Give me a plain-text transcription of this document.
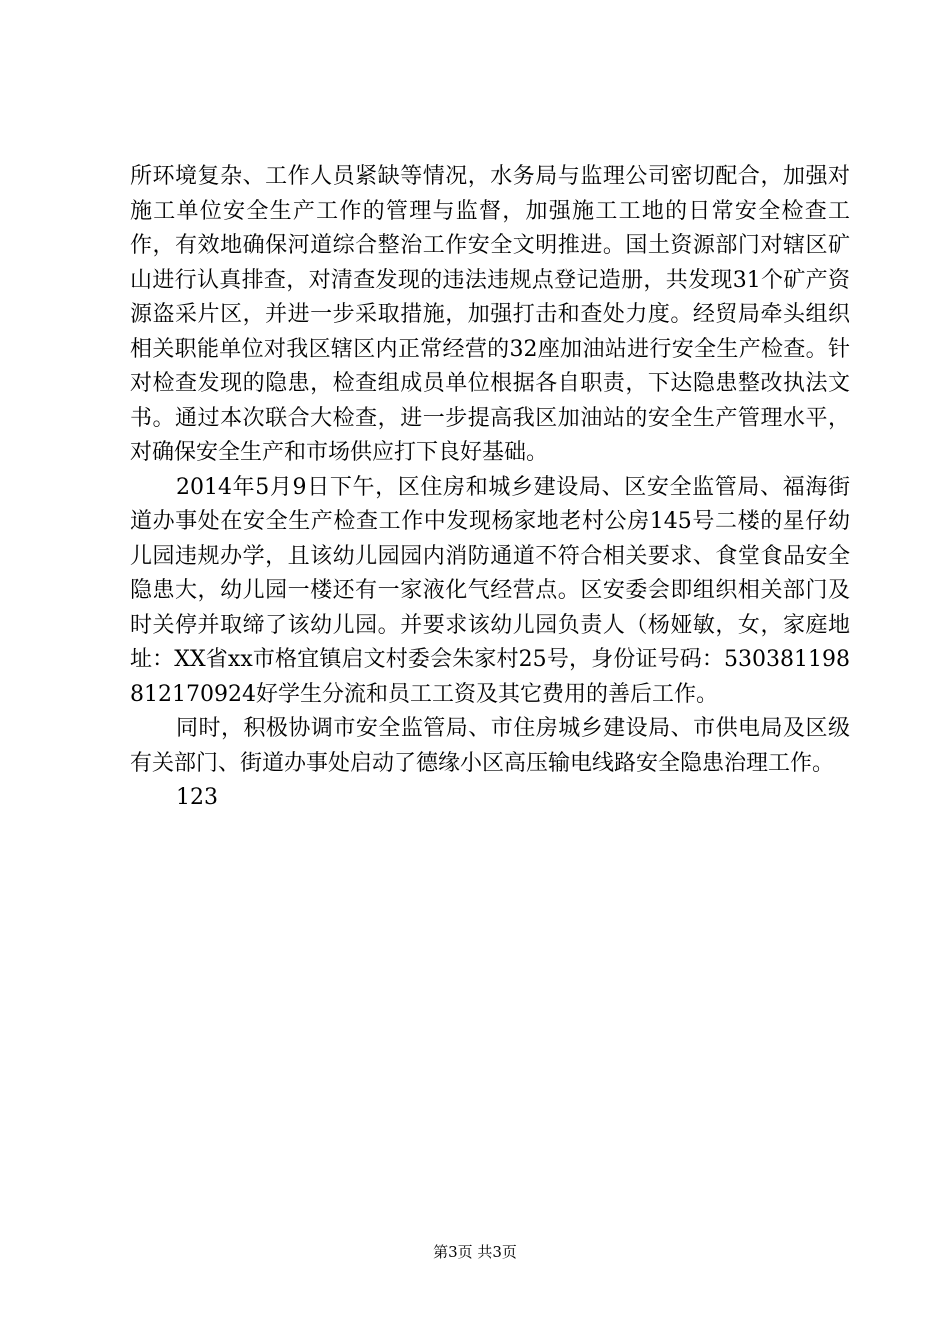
所环境复杂、工作人员紧缺等情况，水务局与监理公司密切配合，加强对施工单位安全生产工作的管理与监督，加强施工工地的日常安全检查工作，有效地确保河道综合整治工作安全文明推进。国土资源部门对辖区矿山进行认真排查，对清查发现的违法违规点登记造册，共发现31个矿产资源盗采片区，并进一步采取措施，加强打击和查处力度。经贸局牵头组织相关职能单位对我区辖区内正常经营的32座加油站进行安全生产检查。针对检查发现的隐患，检查组成员单位根据各自职责，下达隐患整改执法文书。通过本次联合大检查，进一步提高我区加油站的安全生产管理水平，对确保安全生产和市场供应打下良好基础。

2014年5月9日下午，区住房和城乡建设局、区安全监管局、福海街道办事处在安全生产检查工作中发现杨家地老村公房145号二楼的星仔幼儿园违规办学，且该幼儿园园内消防通道不符合相关要求、食堂食品安全隐患大，幼儿园一楼还有一家液化气经营点。区安委会即组织相关部门及时关停并取缔了该幼儿园。并要求该幼儿园负责人（杨娅敏，女，家庭地址：XX省xx市格宜镇启文村委会朱家村25号，身份证号码：530381198812170924好学生分流和员工工资及其它费用的善后工作。

同时，积极协调市安全监管局、市住房城乡建设局、市供电局及区级有关部门、街道办事处启动了德缘小区高压输电线路安全隐患治理工作。

123

第3页 共3页
